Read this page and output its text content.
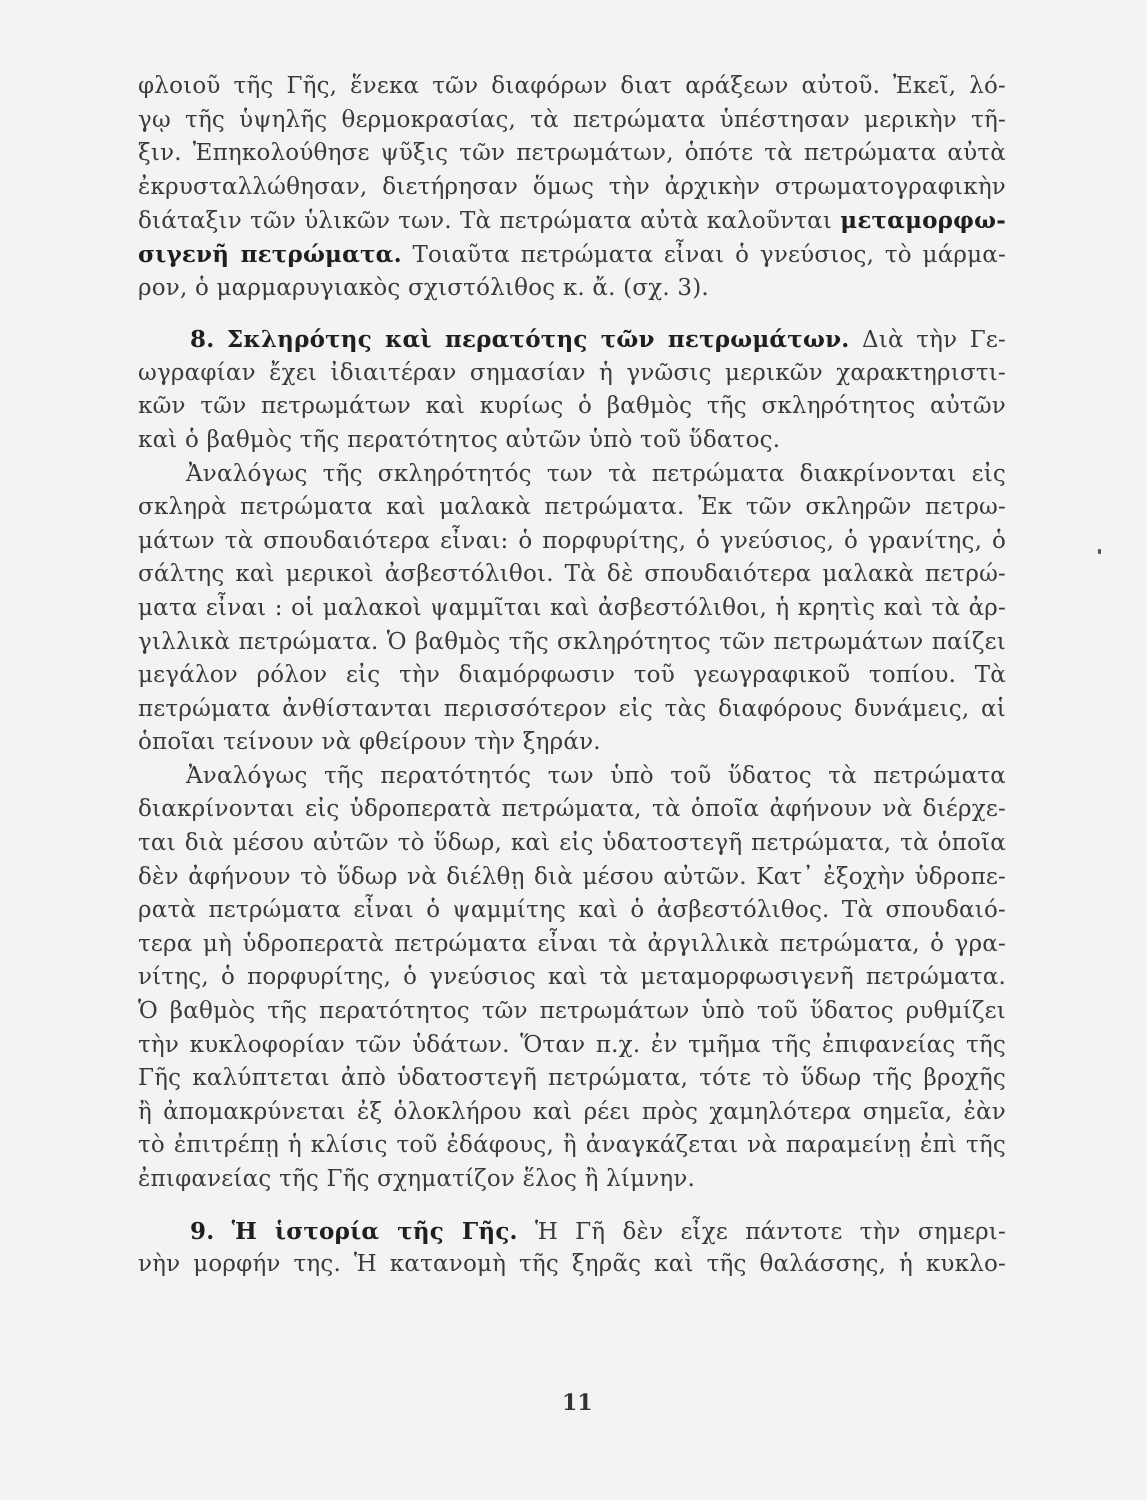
φλοιοῦ τῆς Γῆς, ἕνεκα τῶν διαφόρων διατ αράξεων αὐτοῦ. Ἐκεῖ, λό-
γῳ τῆς ὑψηλῆς θερμοκρασίας, τὰ πετρώματα ὑπέστησαν μερικὴν τῆ-
ξιν. Ἐπηκολούθησε ψῦξις τῶν πετρωμάτων, ὁπότε τὰ πετρώματα αὐτὰ
ἐκρυσταλλώθησαν, διετήρησαν ὅμως τὴν ἀρχικὴν στρωματογραφικὴν
διάταξιν τῶν ὑλικῶν των. Τὰ πετρώματα αὐτὰ καλοῦνται μεταμορφω-
σιγενῆ πετρώματα. Τοιαῦτα πετρώματα εἶναι ὁ γνεύσιος, τὸ μάρμα-
ρον, ὁ μαρμαρυγιακὸς σχιστόλιθος κ. ἄ. (σχ. 3).
8. Σκληρότης καὶ περατότης τῶν πετρωμάτων. Διὰ τὴν Γε-
ωγραφίαν ἔχει ἰδιαιτέραν σημασίαν ἡ γνῶσις μερικῶν χαρακτηριστι-
κῶν τῶν πετρωμάτων καὶ κυρίως ὁ βαθμὸς τῆς σκληρότητος αὐτῶν
καὶ ὁ βαθμὸς τῆς περατότητος αὐτῶν ὑπὸ τοῦ ὕδατος.
Ἀναλόγως τῆς σκληρότητός των τὰ πετρώματα διακρίνονται εἰς
σκληρὰ πετρώματα καὶ μαλακὰ πετρώματα. Ἐκ τῶν σκληρῶν πετρω-
μάτων τὰ σπουδαιότερα εἶναι: ὁ πορφυρίτης, ὁ γνεύσιος, ὁ γρανίτης, ὁ
σάλτης καὶ μερικοὶ ἀσβεστόλιθοι. Τὰ δὲ σπουδαιότερα μαλακὰ πετρώ-
ματα εἶναι : οἱ μαλακοὶ ψαμμῖται καὶ ἀσβεστόλιθοι, ἡ κρητὶς καὶ τὰ ἀρ-
γιλλικὰ πετρώματα. Ὁ βαθμὸς τῆς σκληρότητος τῶν πετρωμάτων παίζει
μεγάλον ρόλον εἰς τὴν διαμόρφωσιν τοῦ γεωγραφικοῦ τοπίου. Τὰ
πετρώματα ἀνθίστανται περισσότερον εἰς τὰς διαφόρους δυνάμεις, αἱ
ὁποῖαι τείνουν νὰ φθείρουν τὴν ξηράν.
Ἀναλόγως τῆς περατότητός των ὑπὸ τοῦ ὕδατος τὰ πετρώματα
διακρίνονται εἰς ὑδροπερατὰ πετρώματα, τὰ ὁποῖα ἀφήνουν νὰ διέρχε-
ται διὰ μέσου αὐτῶν τὸ ὕδωρ, καὶ εἰς ὑδατοστεγῆ πετρώματα, τὰ ὁποῖα
δὲν ἀφήνουν τὸ ὕδωρ νὰ διέλθῃ διὰ μέσου αὐτῶν. Κατ᾽ ἐξοχὴν ὑδροπε-
ρατὰ πετρώματα εἶναι ὁ ψαμμίτης καὶ ὁ ἀσβεστόλιθος. Τὰ σπουδαιό-
τερα μὴ ὑδροπερατὰ πετρώματα εἶναι τὰ ἀργιλλικὰ πετρώματα, ὁ γρα-
νίτης, ὁ πορφυρίτης, ὁ γνεύσιος καὶ τὰ μεταμορφωσιγενῆ πετρώματα.
Ὁ βαθμὸς τῆς περατότητος τῶν πετρωμάτων ὑπὸ τοῦ ὕδατος ρυθμίζει
τὴν κυκλοφορίαν τῶν ὑδάτων. Ὅταν π.χ. ἐν τμῆμα τῆς ἐπιφανείας τῆς
Γῆς καλύπτεται ἀπὸ ὑδατοστεγῆ πετρώματα, τότε τὸ ὕδωρ τῆς βροχῆς
ἢ ἀπομακρύνεται ἐξ ὁλοκλήρου καὶ ρέει πρὸς χαμηλότερα σημεῖα, ἐὰν
τὸ ἐπιτρέπῃ ἡ κλίσις τοῦ ἐδάφους, ἢ ἀναγκάζεται νὰ παραμείνῃ ἐπὶ τῆς
ἐπιφανείας τῆς Γῆς σχηματίζον ἕλος ἢ λίμνην.
9. Ἡ ἱστορία τῆς Γῆς. Ἡ Γῆ δὲν εἶχε πάντοτε τὴν σημερι-
νὴν μορφήν της. Ἡ κατανομὴ τῆς ξηρᾶς καὶ τῆς θαλάσσης, ἡ κυκλο-
11
